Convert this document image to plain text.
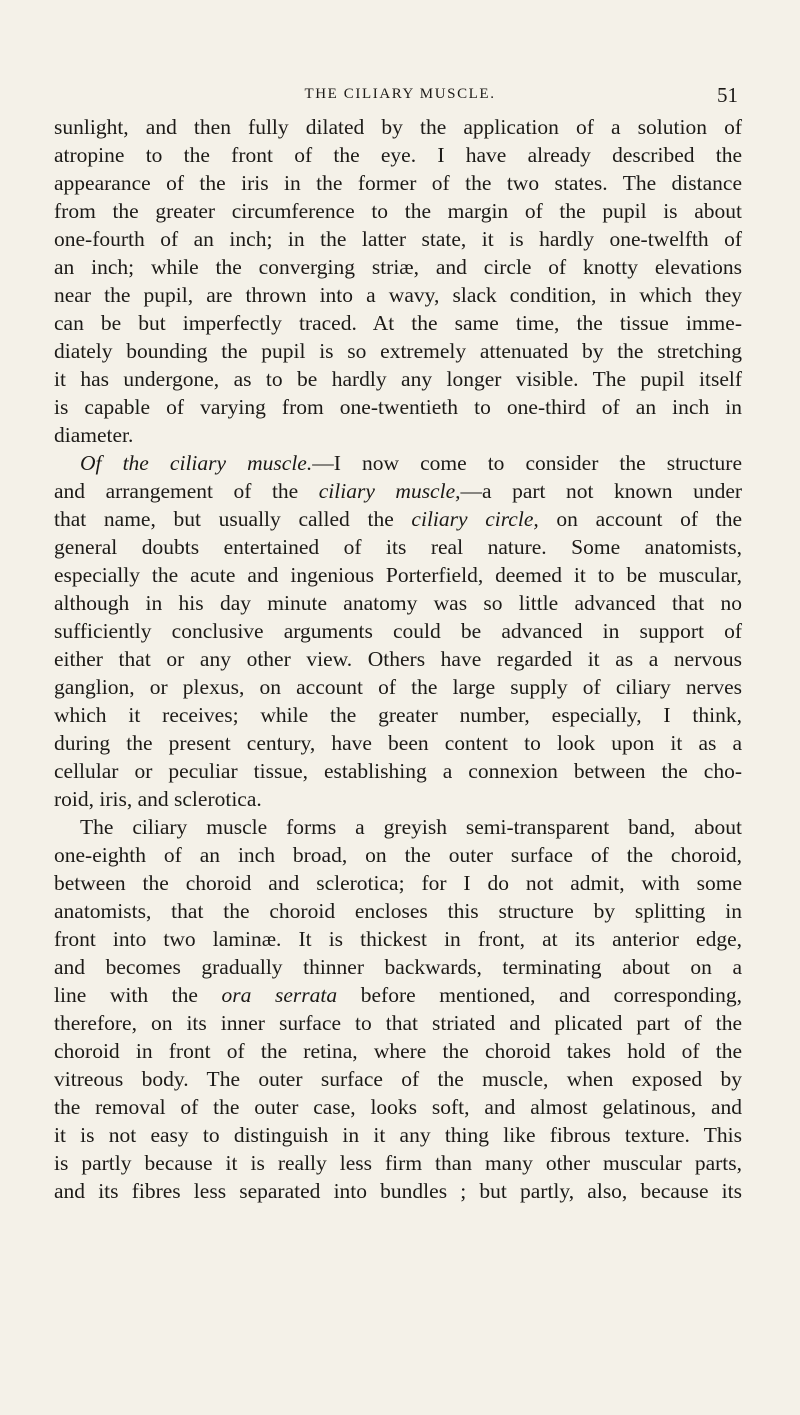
THE CILIARY MUSCLE.	51
sunlight, and then fully dilated by the application of a solution of
atropine to the front of the eye. I have already described the
appearance of the iris in the former of the two states. The distance
from the greater circumference to the margin of the pupil is about
one-fourth of an inch; in the latter state, it is hardly one-twelfth of
an inch; while the converging striæ, and circle of knotty elevations
near the pupil, are thrown into a wavy, slack condition, in which they
can be but imperfectly traced. At the same time, the tissue imme-
diately bounding the pupil is so extremely attenuated by the stretching
it has undergone, as to be hardly any longer visible. The pupil itself
is capable of varying from one-twentieth to one-third of an inch in
diameter.
Of the ciliary muscle.—I now come to consider the structure
and arrangement of the ciliary muscle,—a part not known under
that name, but usually called the ciliary circle, on account of the
general doubts entertained of its real nature. Some anatomists,
especially the acute and ingenious Porterfield, deemed it to be muscular,
although in his day minute anatomy was so little advanced that no
sufficiently conclusive arguments could be advanced in support of
either that or any other view. Others have regarded it as a nervous
ganglion, or plexus, on account of the large supply of ciliary nerves
which it receives; while the greater number, especially, I think,
during the present century, have been content to look upon it as a
cellular or peculiar tissue, establishing a connexion between the cho-
roid, iris, and sclerotica.
The ciliary muscle forms a greyish semi-transparent band, about
one-eighth of an inch broad, on the outer surface of the choroid,
between the choroid and sclerotica; for I do not admit, with some
anatomists, that the choroid encloses this structure by splitting in
front into two laminæ. It is thickest in front, at its anterior edge,
and becomes gradually thinner backwards, terminating about on a
line with the ora serrata before mentioned, and corresponding,
therefore, on its inner surface to that striated and plicated part of the
choroid in front of the retina, where the choroid takes hold of the
vitreous body. The outer surface of the muscle, when exposed by
the removal of the outer case, looks soft, and almost gelatinous, and
it is not easy to distinguish in it any thing like fibrous texture. This
is partly because it is really less firm than many other muscular parts,
and its fibres less separated into bundles ; but partly, also, because its
